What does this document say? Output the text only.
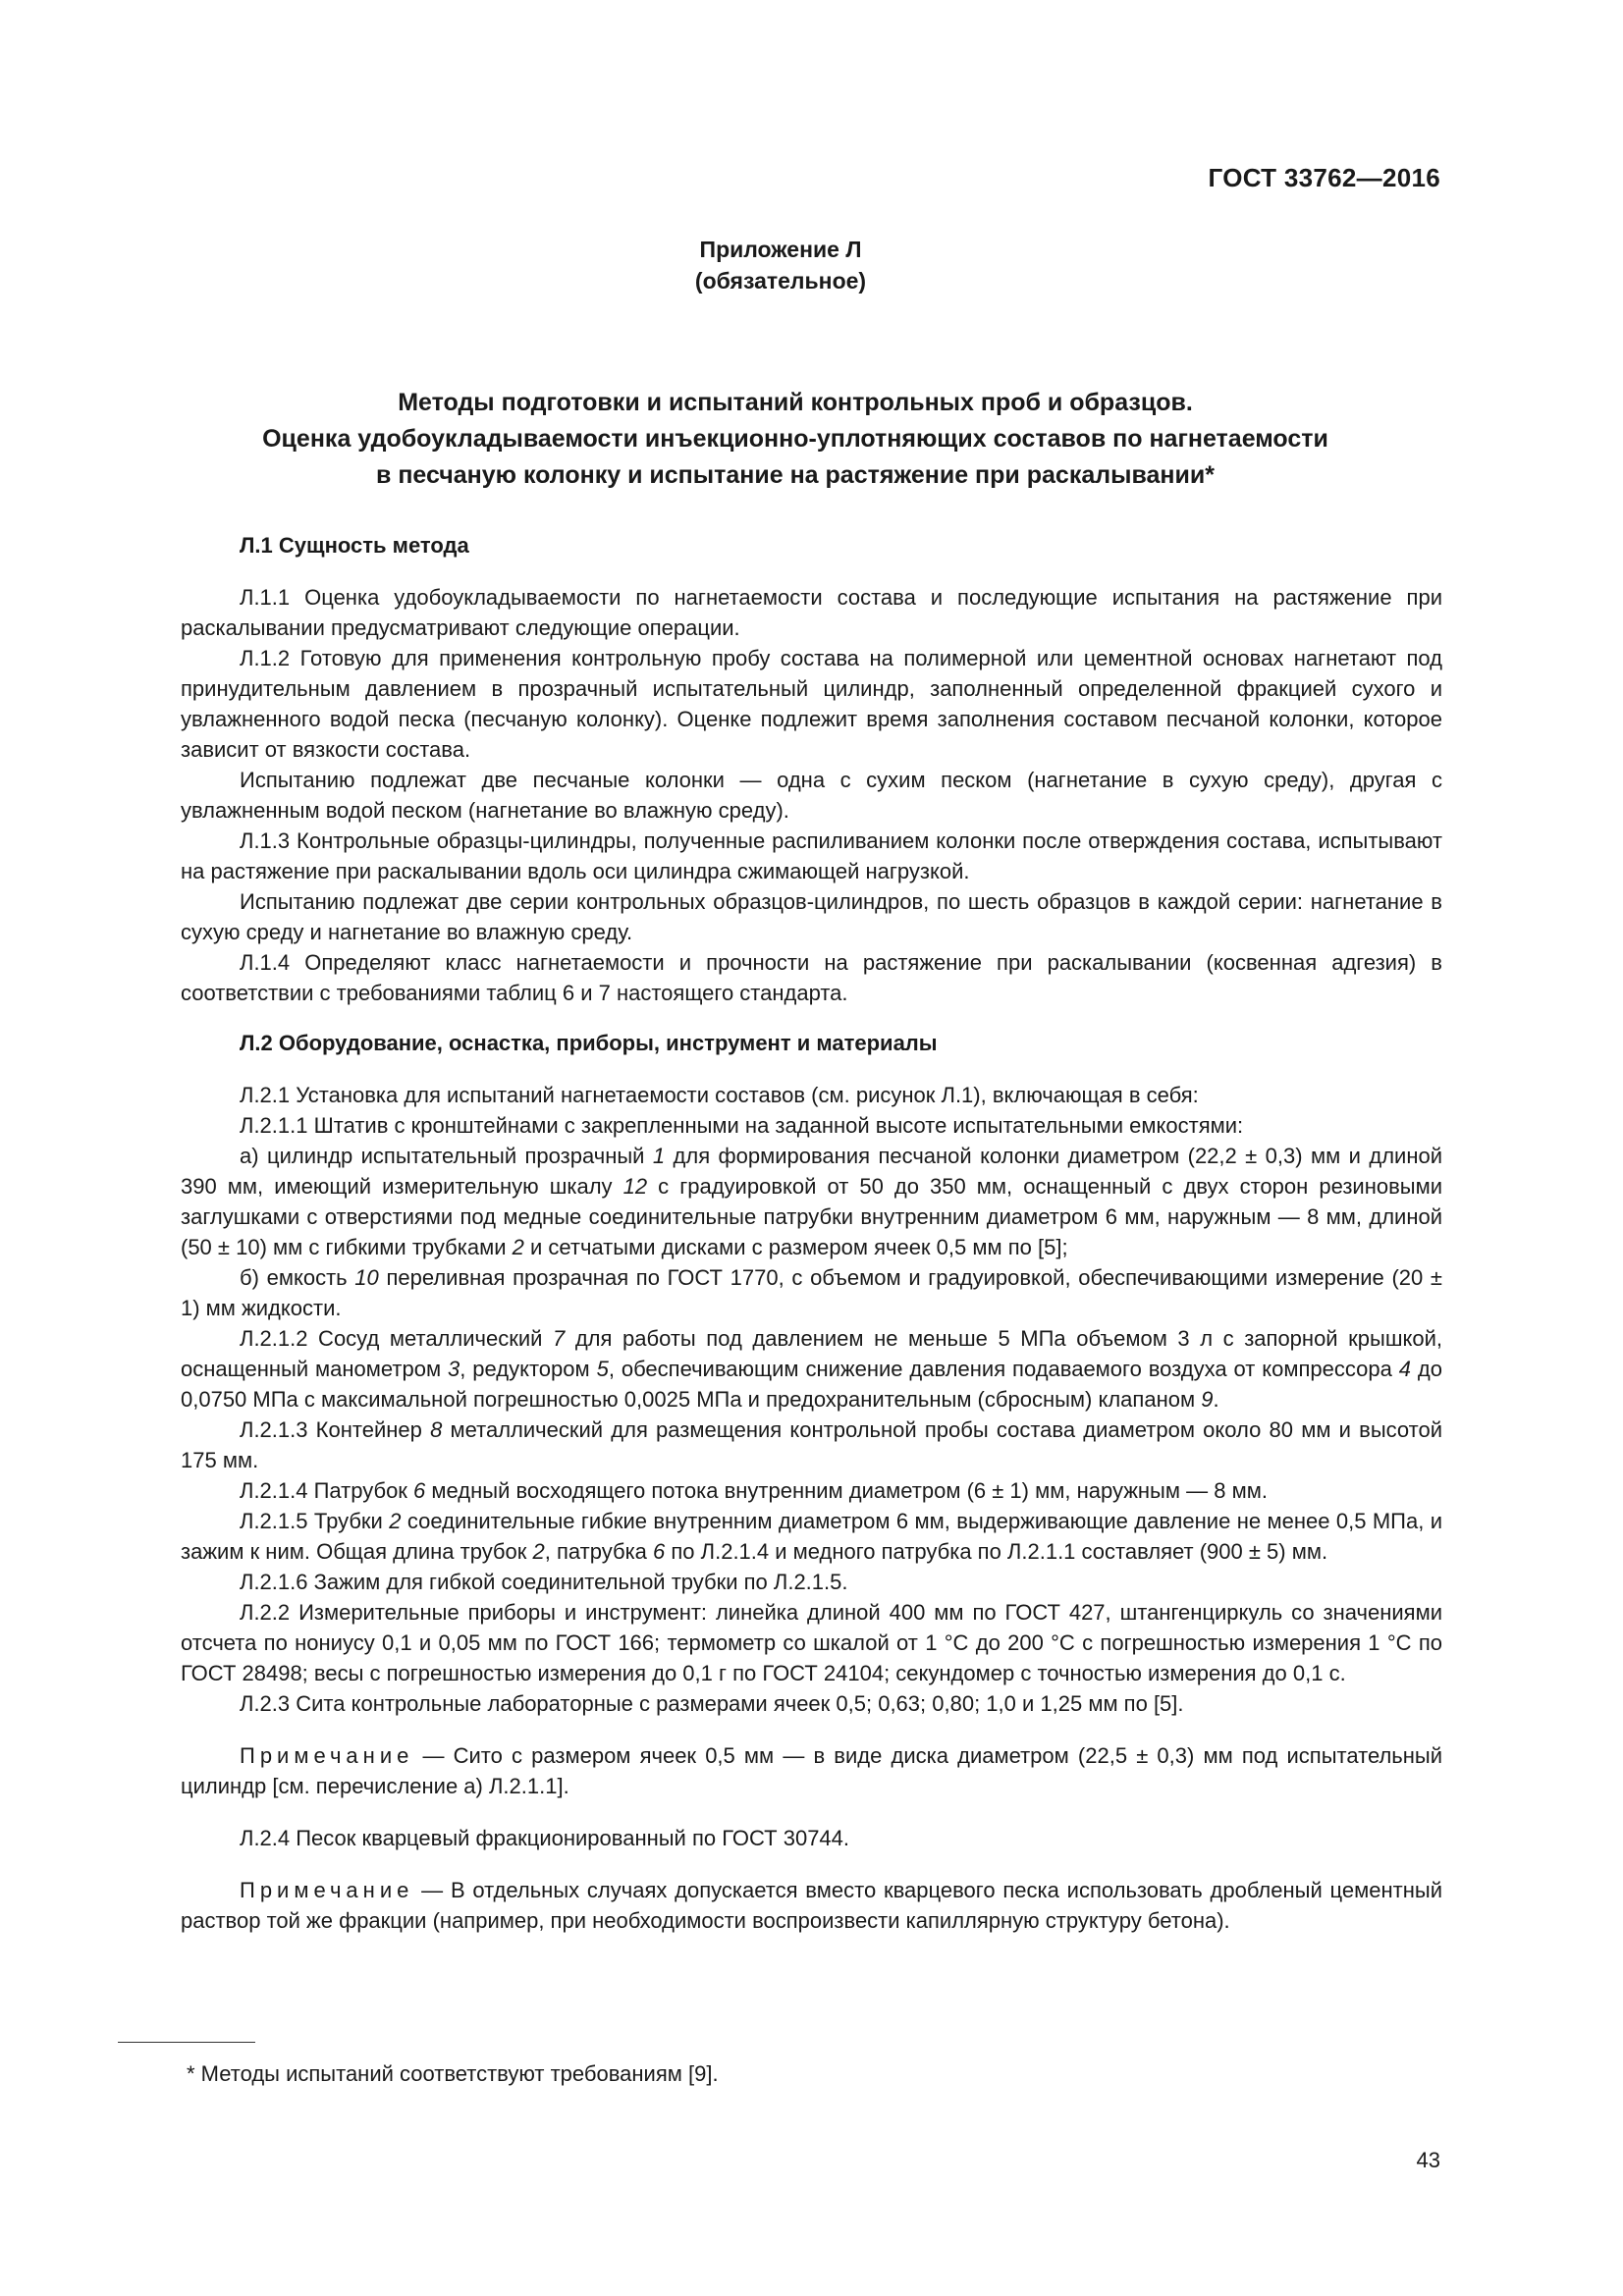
ГОСТ 33762—2016
Приложение Л
(обязательное)
Методы подготовки и испытаний контрольных проб и образцов.
Оценка удобоукладываемости инъекционно-уплотняющих составов по нагнетаемости
в песчаную колонку и испытание на растяжение при раскалывании*

Л.1 Сущность метода

Л.1.1 Оценка удобоукладываемости по нагнетаемости состава и последующие испытания на растяжение при раскалывании предусматривают следующие операции.

Л.1.2 Готовую для применения контрольную пробу состава на полимерной или цементной основах нагнетают под принудительным давлением в прозрачный испытательный цилиндр, заполненный определенной фракцией сухого и увлажненного водой песка (песчаную колонку). Оценке подлежит время заполнения составом песчаной колонки, которое зависит от вязкости состава.

Испытанию подлежат две песчаные колонки — одна с сухим песком (нагнетание в сухую среду), другая с увлажненным водой песком (нагнетание во влажную среду).

Л.1.3 Контрольные образцы-цилиндры, полученные распиливанием колонки после отверждения состава, испытывают на растяжение при раскалывании вдоль оси цилиндра сжимающей нагрузкой.

Испытанию подлежат две серии контрольных образцов-цилиндров, по шесть образцов в каждой серии: нагнетание в сухую среду и нагнетание во влажную среду.

Л.1.4 Определяют класс нагнетаемости и прочности на растяжение при раскалывании (косвенная адгезия) в соответствии с требованиями таблиц 6 и 7 настоящего стандарта.

Л.2 Оборудование, оснастка, приборы, инструмент и материалы

Л.2.1 Установка для испытаний нагнетаемости составов (см. рисунок Л.1), включающая в себя:

Л.2.1.1 Штатив с кронштейнами с закрепленными на заданной высоте испытательными емкостями:

а) цилиндр испытательный прозрачный 1 для формирования песчаной колонки диаметром (22,2 ± 0,3) мм и длиной 390 мм, имеющий измерительную шкалу 12 с градуировкой от 50 до 350 мм, оснащенный с двух сторон резиновыми заглушками с отверстиями под медные соединительные патрубки внутренним диаметром 6 мм, наружным — 8 мм, длиной (50 ± 10) мм с гибкими трубками 2 и сетчатыми дисками с размером ячеек 0,5 мм по [5];

б) емкость 10 переливная прозрачная по ГОСТ 1770, с объемом и градуировкой, обеспечивающими измерение (20 ± 1) мм жидкости.

Л.2.1.2 Сосуд металлический 7 для работы под давлением не меньше 5 МПа объемом 3 л с запорной крышкой, оснащенный манометром 3, редуктором 5, обеспечивающим снижение давления подаваемого воздуха от компрессора 4 до 0,0750 МПа с максимальной погрешностью 0,0025 МПа и предохранительным (сбросным) клапаном 9.

Л.2.1.3 Контейнер 8 металлический для размещения контрольной пробы состава диаметром около 80 мм и высотой 175 мм.

Л.2.1.4 Патрубок 6 медный восходящего потока внутренним диаметром (6 ± 1) мм, наружным — 8 мм.

Л.2.1.5 Трубки 2 соединительные гибкие внутренним диаметром 6 мм, выдерживающие давление не менее 0,5 МПа, и зажим к ним. Общая длина трубок 2, патрубка 6 по Л.2.1.4 и медного патрубка по Л.2.1.1 составляет (900 ± 5) мм.

Л.2.1.6 Зажим для гибкой соединительной трубки по Л.2.1.5.

Л.2.2 Измерительные приборы и инструмент: линейка длиной 400 мм по ГОСТ 427, штангенциркуль со значениями отсчета по нониусу 0,1 и 0,05 мм по ГОСТ 166; термометр со шкалой от 1 °С до 200 °С с погрешностью измерения 1 °С по ГОСТ 28498; весы с погрешностью измерения до 0,1 г по ГОСТ 24104; секундомер с точностью измерения до 0,1 с.

Л.2.3 Сита контрольные лабораторные с размерами ячеек 0,5; 0,63; 0,80; 1,0 и 1,25 мм по [5].

Примечание — Сито с размером ячеек 0,5 мм — в виде диска диаметром (22,5 ± 0,3) мм под испытательный цилиндр [см. перечисление а) Л.2.1.1].

Л.2.4 Песок кварцевый фракционированный по ГОСТ 30744.

Примечание — В отдельных случаях допускается вместо кварцевого песка использовать дробленый цементный раствор той же фракции (например, при необходимости воспроизвести капиллярную структуру бетона).

* Методы испытаний соответствуют требованиям [9].
43
